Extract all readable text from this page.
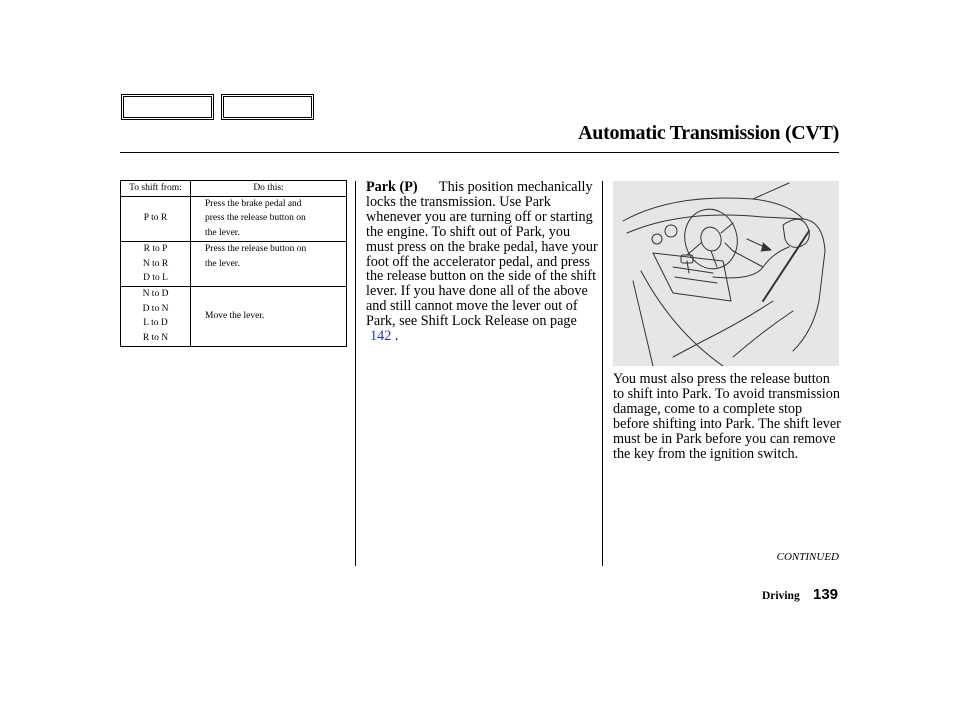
Automatic Transmission (CVT)
To shift from:	Do this:

P to R	Press the brake pedal and
press the release button on
the lever.

R to P
N to R
D to L	Press the release button on
the lever.

N to D
D to N
L to D
R to N	Move the lever.
Park (P) This position mechanically locks the transmission. Use Park whenever you are turning off or starting the engine. To shift out of Park, you must press on the brake pedal, have your foot off the accelerator pedal, and press the release button on the side of the shift lever. If you have done all of the above and still cannot move the lever out of Park, see Shift Lock Release on page
142 .
You must also press the release button to shift into Park. To avoid transmission damage, come to a complete stop before shifting into Park. The shift lever must be in Park before you can remove the key from the ignition switch.
CONTINUED
Driving 139
